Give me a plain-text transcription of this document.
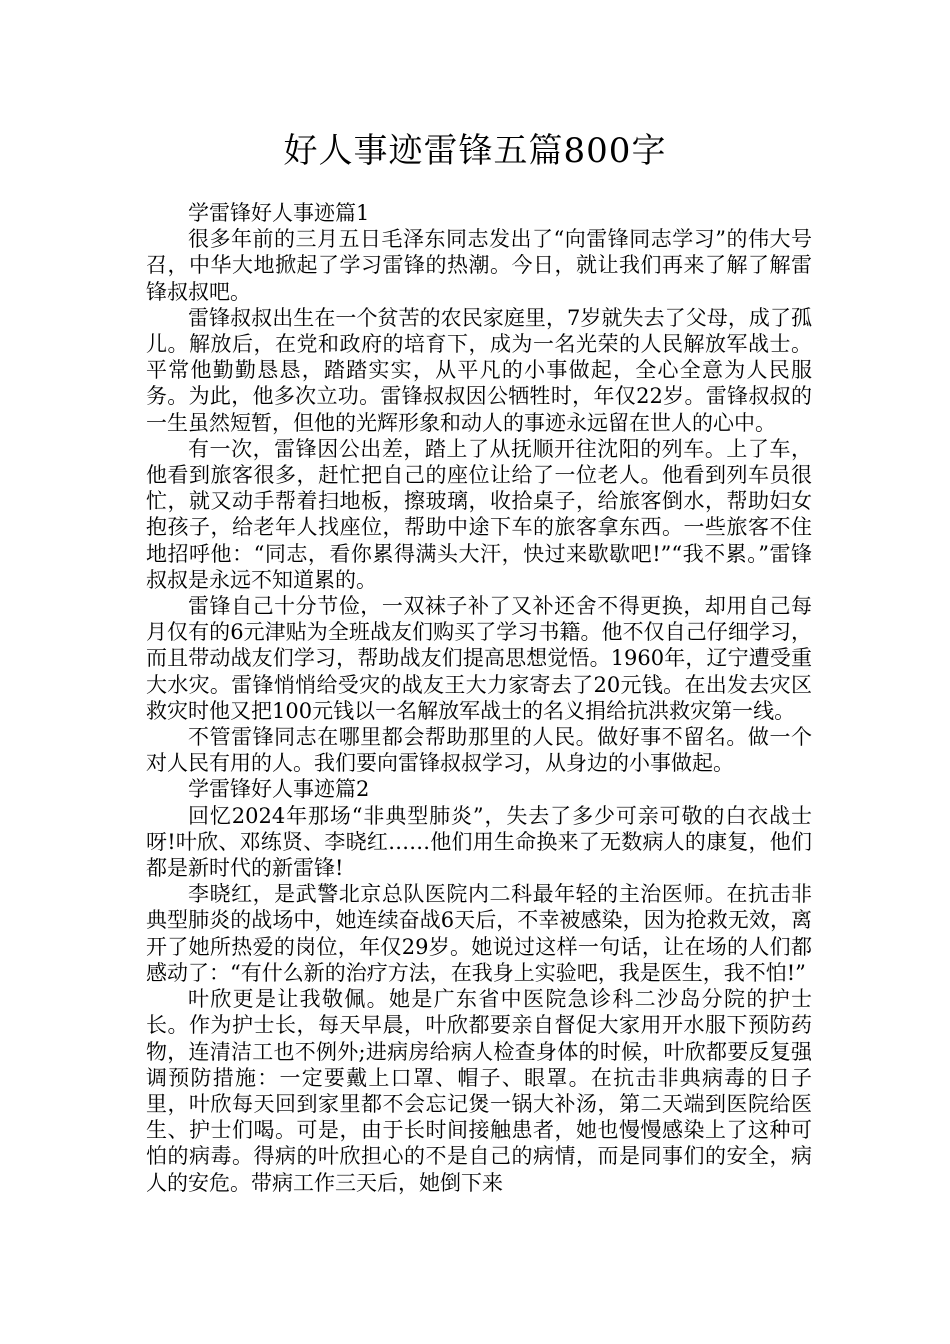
好人事迹雷锋五篇800字

学雷锋好人事迹篇1

很多年前的三月五日毛泽东同志发出了“向雷锋同志学习”的伟大号召，中华大地掀起了学习雷锋的热潮。今日，就让我们再来了解了解雷锋叔叔吧。

雷锋叔叔出生在一个贫苦的农民家庭里，7岁就失去了父母，成了孤儿。解放后，在党和政府的培育下，成为一名光荣的人民解放军战士。平常他勤勤恳恳，踏踏实实，从平凡的小事做起，全心全意为人民服务。为此，他多次立功。雷锋叔叔因公牺牲时，年仅22岁。雷锋叔叔的一生虽然短暂，但他的光辉形象和动人的事迹永远留在世人的心中。

有一次，雷锋因公出差，踏上了从抚顺开往沈阳的列车。上了车，他看到旅客很多，赶忙把自己的座位让给了一位老人。他看到列车员很忙，就又动手帮着扫地板，擦玻璃，收拾桌子，给旅客倒水，帮助妇女抱孩子，给老年人找座位，帮助中途下车的旅客拿东西。一些旅客不住地招呼他：“同志，看你累得满头大汗，快过来歇歇吧!”“我不累。”雷锋叔叔是永远不知道累的。

雷锋自己十分节俭，一双袜子补了又补还舍不得更换，却用自己每月仅有的6元津贴为全班战友们购买了学习书籍。他不仅自己仔细学习，而且带动战友们学习，帮助战友们提高思想觉悟。1960年，辽宁遭受重大水灾。雷锋悄悄给受灾的战友王大力家寄去了20元钱。在出发去灾区救灾时他又把100元钱以一名解放军战士的名义捐给抗洪救灾第一线。

不管雷锋同志在哪里都会帮助那里的人民。做好事不留名。做一个对人民有用的人。我们要向雷锋叔叔学习，从身边的小事做起。

学雷锋好人事迹篇2

回忆2024年那场“非典型肺炎”，失去了多少可亲可敬的白衣战士呀!叶欣、邓练贤、李晓红……他们用生命换来了无数病人的康复，他们都是新时代的新雷锋!

李晓红，是武警北京总队医院内二科最年轻的主治医师。在抗击非典型肺炎的战场中，她连续奋战6天后，不幸被感染，因为抢救无效，离开了她所热爱的岗位，年仅29岁。她说过这样一句话，让在场的人们都感动了：“有什么新的治疗方法，在我身上实验吧，我是医生，我不怕!”

叶欣更是让我敬佩。她是广东省中医院急诊科二沙岛分院的护士长。作为护士长，每天早晨，叶欣都要亲自督促大家用开水服下预防药物，连清洁工也不例外;进病房给病人检查身体的时候，叶欣都要反复强调预防措施：一定要戴上口罩、帽子、眼罩。在抗击非典病毒的日子里，叶欣每天回到家里都不会忘记煲一锅大补汤，第二天端到医院给医生、护士们喝。可是，由于长时间接触患者，她也慢慢感染上了这种可怕的病毒。得病的叶欣担心的不是自己的病情，而是同事们的安全，病人的安危。带病工作三天后，她倒下来
